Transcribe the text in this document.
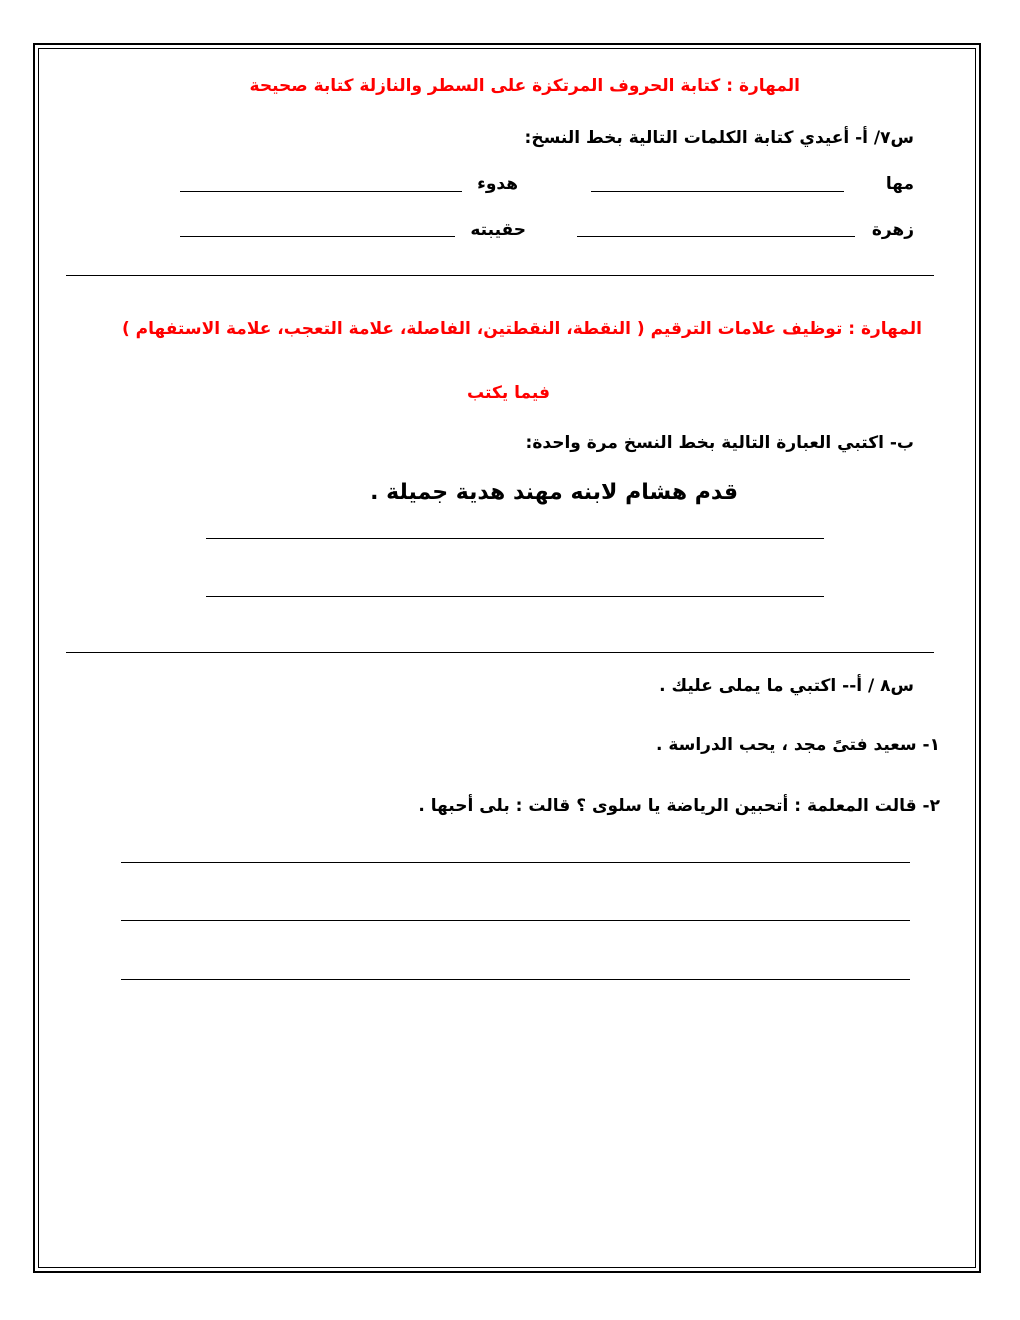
المهارة : كتابة الحروف المرتكزة على السطر والنازلة كتابة صحيحة
س٧/ أ- أعيدي كتابة الكلمات التالية بخط النسخ:
مها
هدوء
زهرة
حقيبته
المهارة : توظيف علامات الترقيم ( النقطة، النقطتين، الفاصلة، علامة التعجب، علامة الاستفهام )
فيما يكتب
ب- اكتبي العبارة التالية بخط النسخ مرة واحدة:
قدم هشام لابنه مهند هدية جميلة .
س٨ / أ-- اكتبي ما يملى عليك .
١- سعيد فتىً مجد ، يحب الدراسة .
٢- قالت المعلمة : أتحبين الرياضة يا سلوى ؟ قالت : بلى أحبها .
